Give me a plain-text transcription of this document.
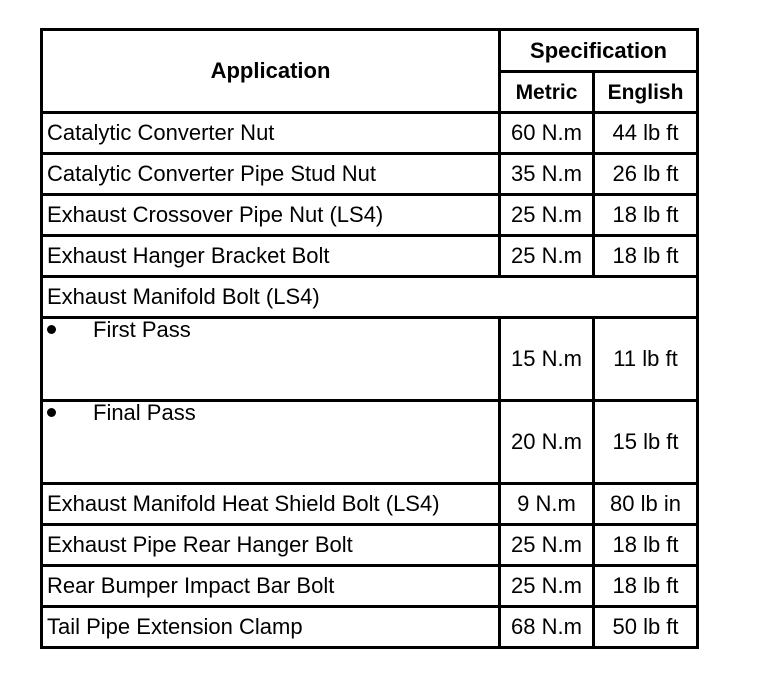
Application	Specification	
	Metric	English
Catalytic Converter Nut	60 N.m	44 lb ft
Catalytic Converter Pipe Stud Nut	35 N.m	26 lb ft
Exhaust Crossover Pipe Nut (LS4)	25 N.m	18 lb ft
Exhaust Hanger Bracket Bolt	25 N.m	18 lb ft
Exhaust Manifold Bolt (LS4)		
First Pass	15 N.m	11 lb ft
Final Pass	20 N.m	15 lb ft
Exhaust Manifold Heat Shield Bolt (LS4)	9 N.m	80 lb in
Exhaust Pipe Rear Hanger Bolt	25 N.m	18 lb ft
Rear Bumper Impact Bar Bolt	25 N.m	18 lb ft
Tail Pipe Extension Clamp	68 N.m	50 lb ft
